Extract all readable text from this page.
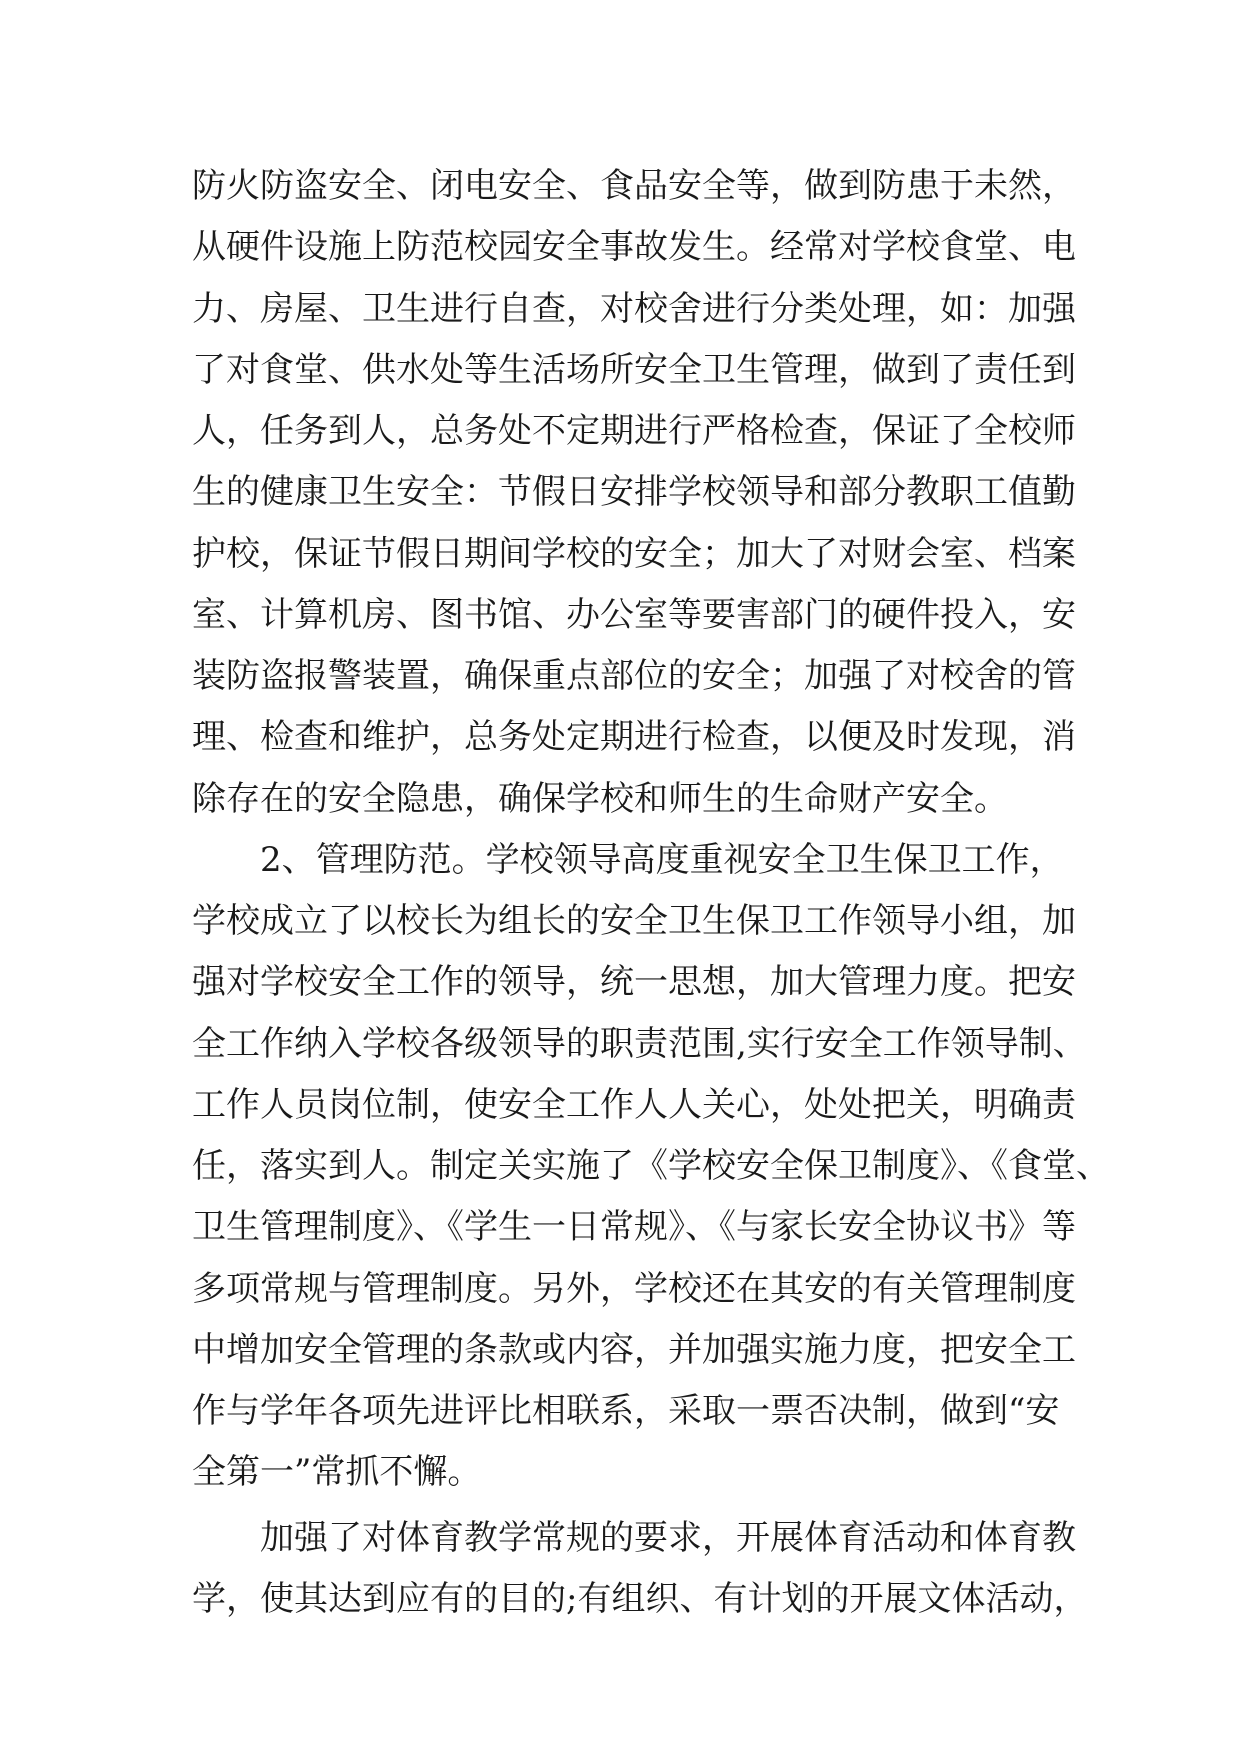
防火防盗安全、闭电安全、食品安全等，做到防患于未然，
从硬件设施上防范校园安全事故发生。经常对学校食堂、电
力、房屋、卫生进行自查，对校舍进行分类处理，如：加强
了对食堂、供水处等生活场所安全卫生管理，做到了责任到
人，任务到人，总务处不定期进行严格检查，保证了全校师
生的健康卫生安全：节假日安排学校领导和部分教职工值勤
护校，保证节假日期间学校的安全；加大了对财会室、档案
室、计算机房、图书馆、办公室等要害部门的硬件投入，安
装防盗报警装置，确保重点部位的安全；加强了对校舍的管
理、检查和维护，总务处定期进行检查，以便及时发现，消
除存在的安全隐患，确保学校和师生的生命财产安全。
2、管理防范。学校领导高度重视安全卫生保卫工作，
学校成立了以校长为组长的安全卫生保卫工作领导小组，加
强对学校安全工作的领导，统一思想，加大管理力度。把安
全工作纳入学校各级领导的职责范围,实行安全工作领导制、
工作人员岗位制，使安全工作人人关心，处处把关，明确责
任，落实到人。制定关实施了《学校安全保卫制度》、《食堂、
卫生管理制度》、《学生一日常规》、《与家长安全协议书》等
多项常规与管理制度。另外，学校还在其安的有关管理制度
中增加安全管理的条款或内容，并加强实施力度，把安全工
作与学年各项先进评比相联系，采取一票否决制，做到“安
全第一”常抓不懈。
加强了对体育教学常规的要求，开展体育活动和体育教
学，使其达到应有的目的;有组织、有计划的开展文体活动，
